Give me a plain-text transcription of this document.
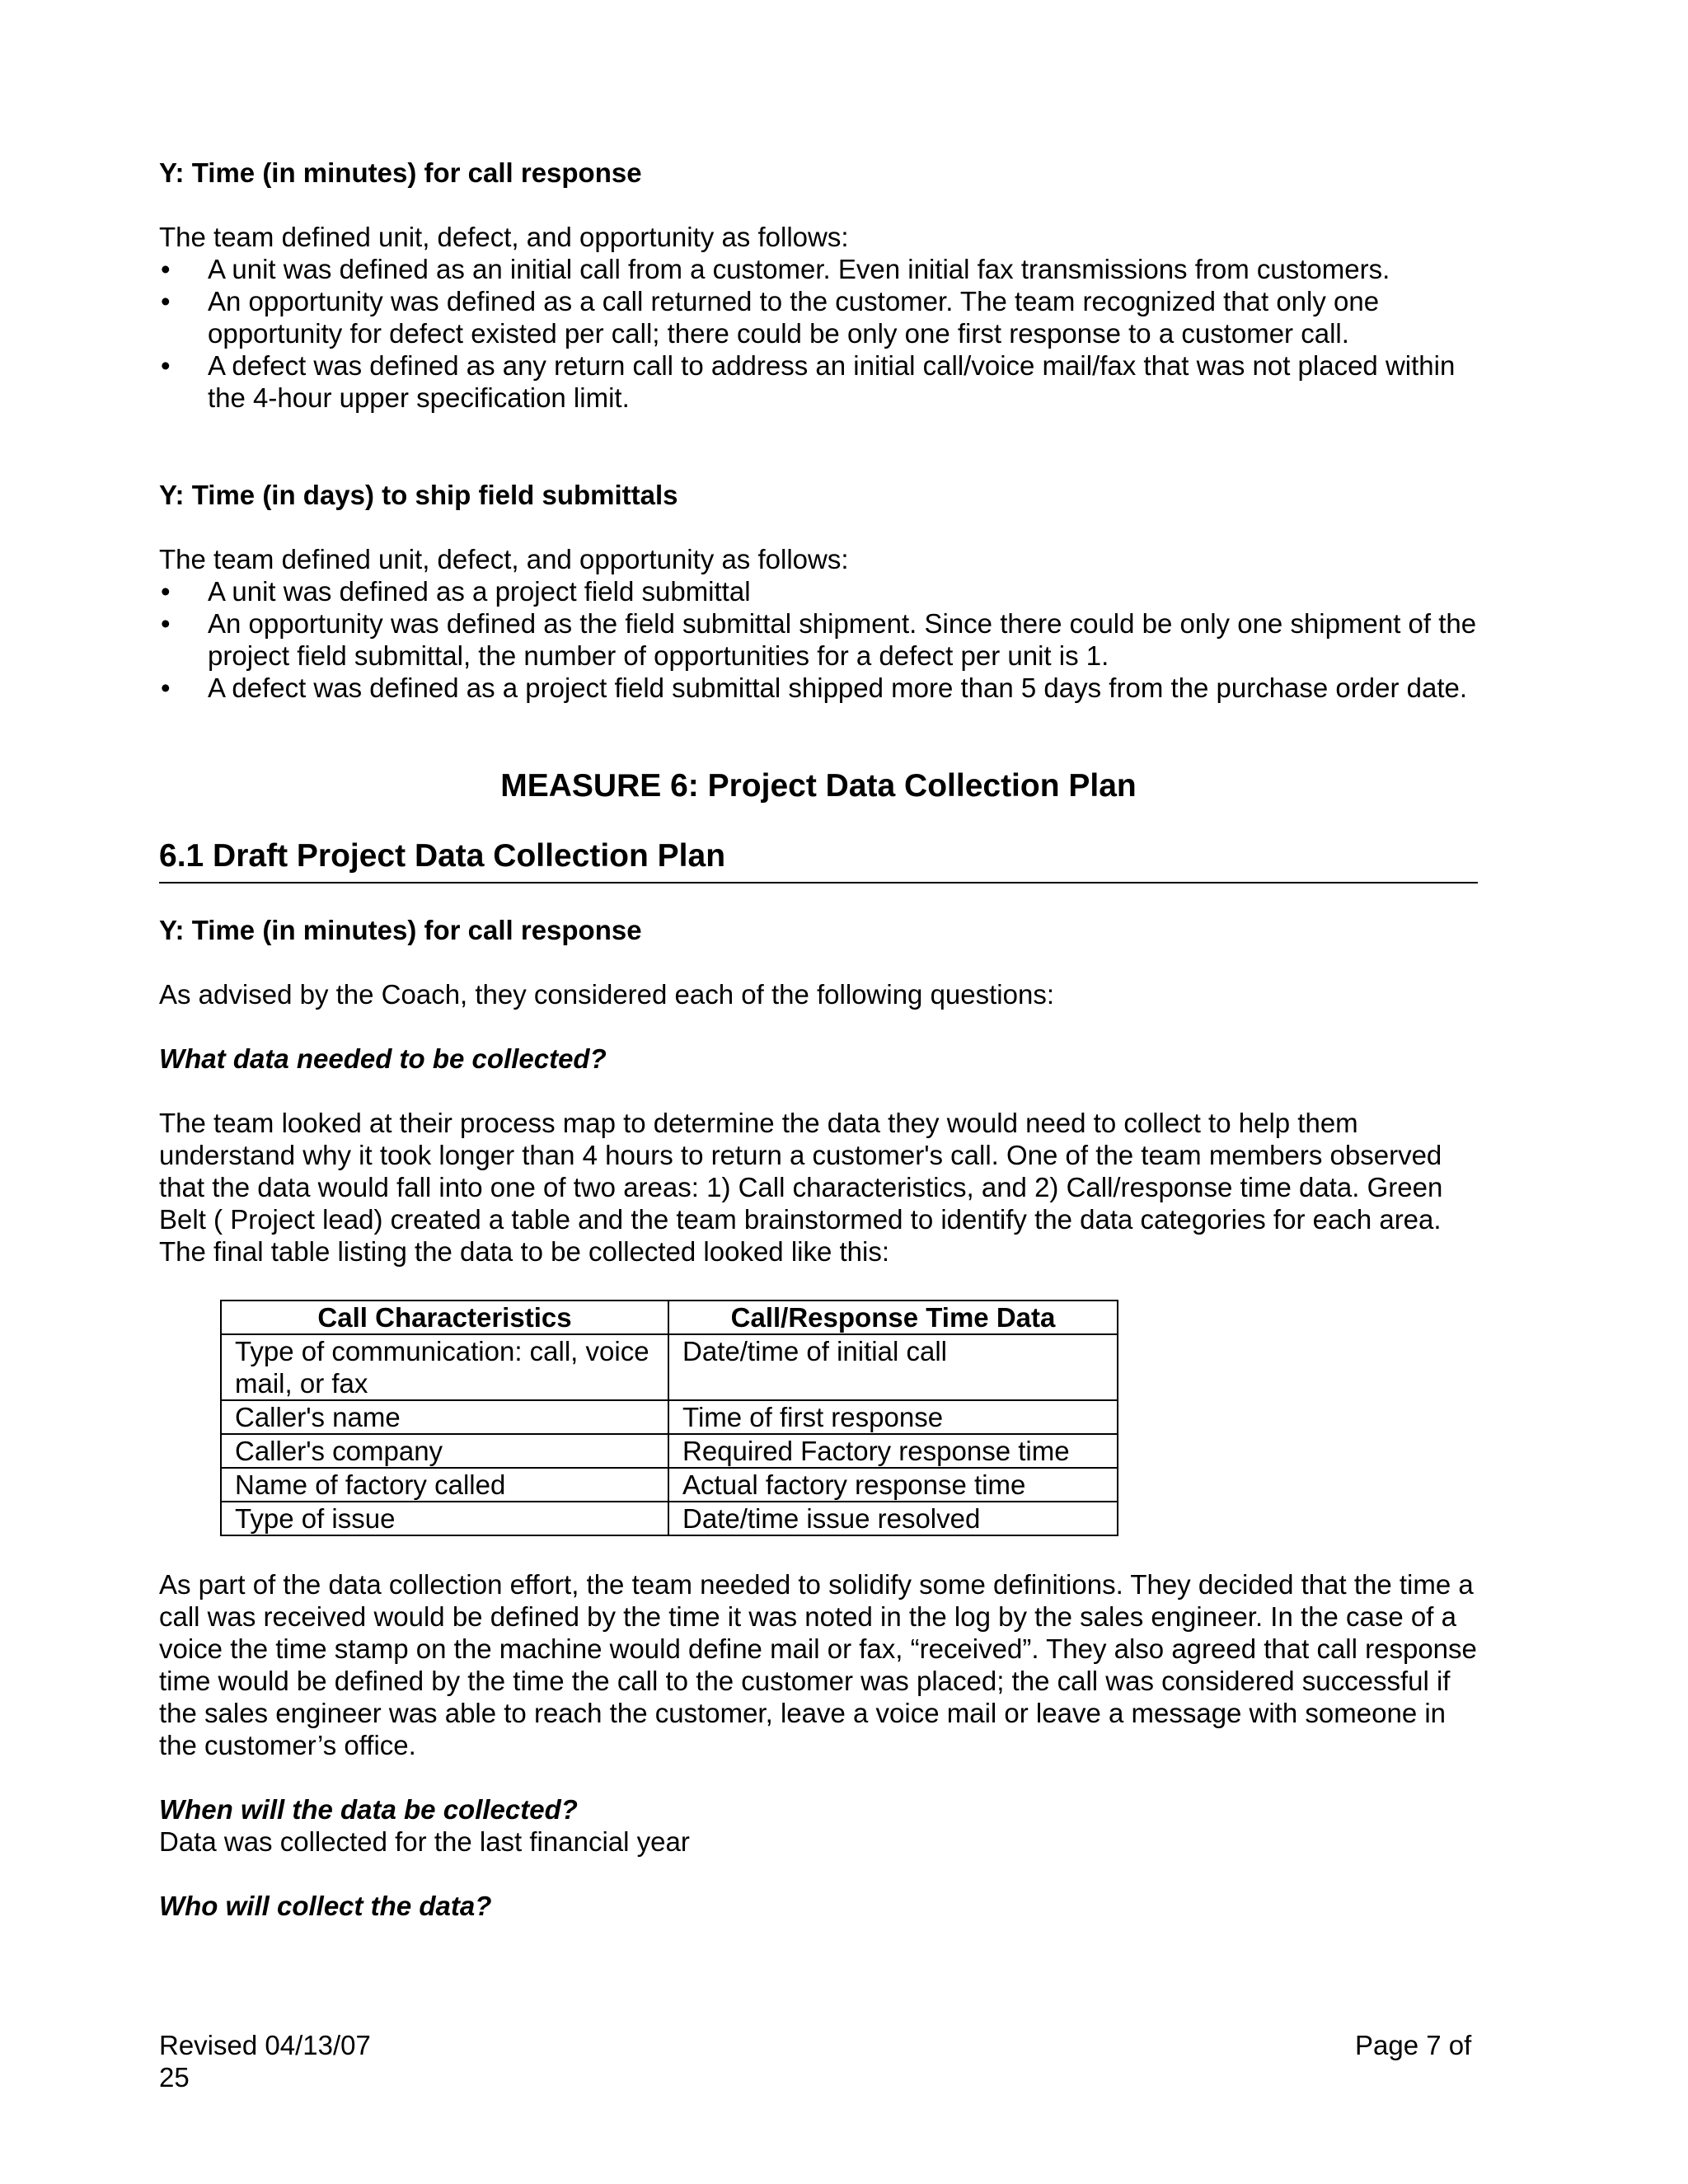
Y: Time (in minutes) for call response

The team defined unit, defect, and opportunity as follows:

• A unit was defined as an initial call from a customer. Even initial fax transmissions from customers.
• An opportunity was defined as a call returned to the customer. The team recognized that only one opportunity for defect existed per call; there could be only one first response to a customer call.
• A defect was defined as any return call to address an initial call/voice mail/fax that was not placed within the 4-hour upper specification limit.

Y: Time (in days) to ship field submittals

The team defined unit, defect, and opportunity as follows:

• A unit was defined as a project field submittal
• An opportunity was defined as the field submittal shipment. Since there could be only one shipment of the project field submittal, the number of opportunities for a defect per unit is 1.
• A defect was defined as a project field submittal shipped more than 5 days from the purchase order date.

MEASURE 6: Project Data Collection Plan

6.1 Draft Project Data Collection Plan

Y: Time (in minutes) for call response

As advised by the Coach, they considered each of the following questions:

What data needed to be collected?

The team looked at their process map to determine the data they would need to collect to help them understand why it took longer than 4 hours to return a customer's call. One of the team members observed that the data would fall into one of two areas: 1) Call characteristics, and 2) Call/response time data. Green Belt ( Project lead) created a table and the team brainstormed to identify the data categories for each area. The final table listing the data to be collected looked like this:

Call Characteristics	Call/Response Time Data
Type of communication: call, voice mail, or fax	Date/time of initial call
Caller's name	Time of first response
Caller's company	Required Factory response time
Name of factory called	Actual factory response time
Type of issue	Date/time issue resolved

As part of the data collection effort, the team needed to solidify some definitions. They decided that the time a call was received would be defined by the time it was noted in the log by the sales engineer. In the case of a voice the time stamp on the machine would define mail or fax, “received”. They also agreed that call response time would be defined by the time the call to the customer was placed; the call was considered successful if the sales engineer was able to reach the customer, leave a voice mail or leave a message with someone in the customer’s office.

When will the data be collected?

Data was collected for the last financial year

Who will collect the data?

Revised 04/13/07

25

Page 7 of
